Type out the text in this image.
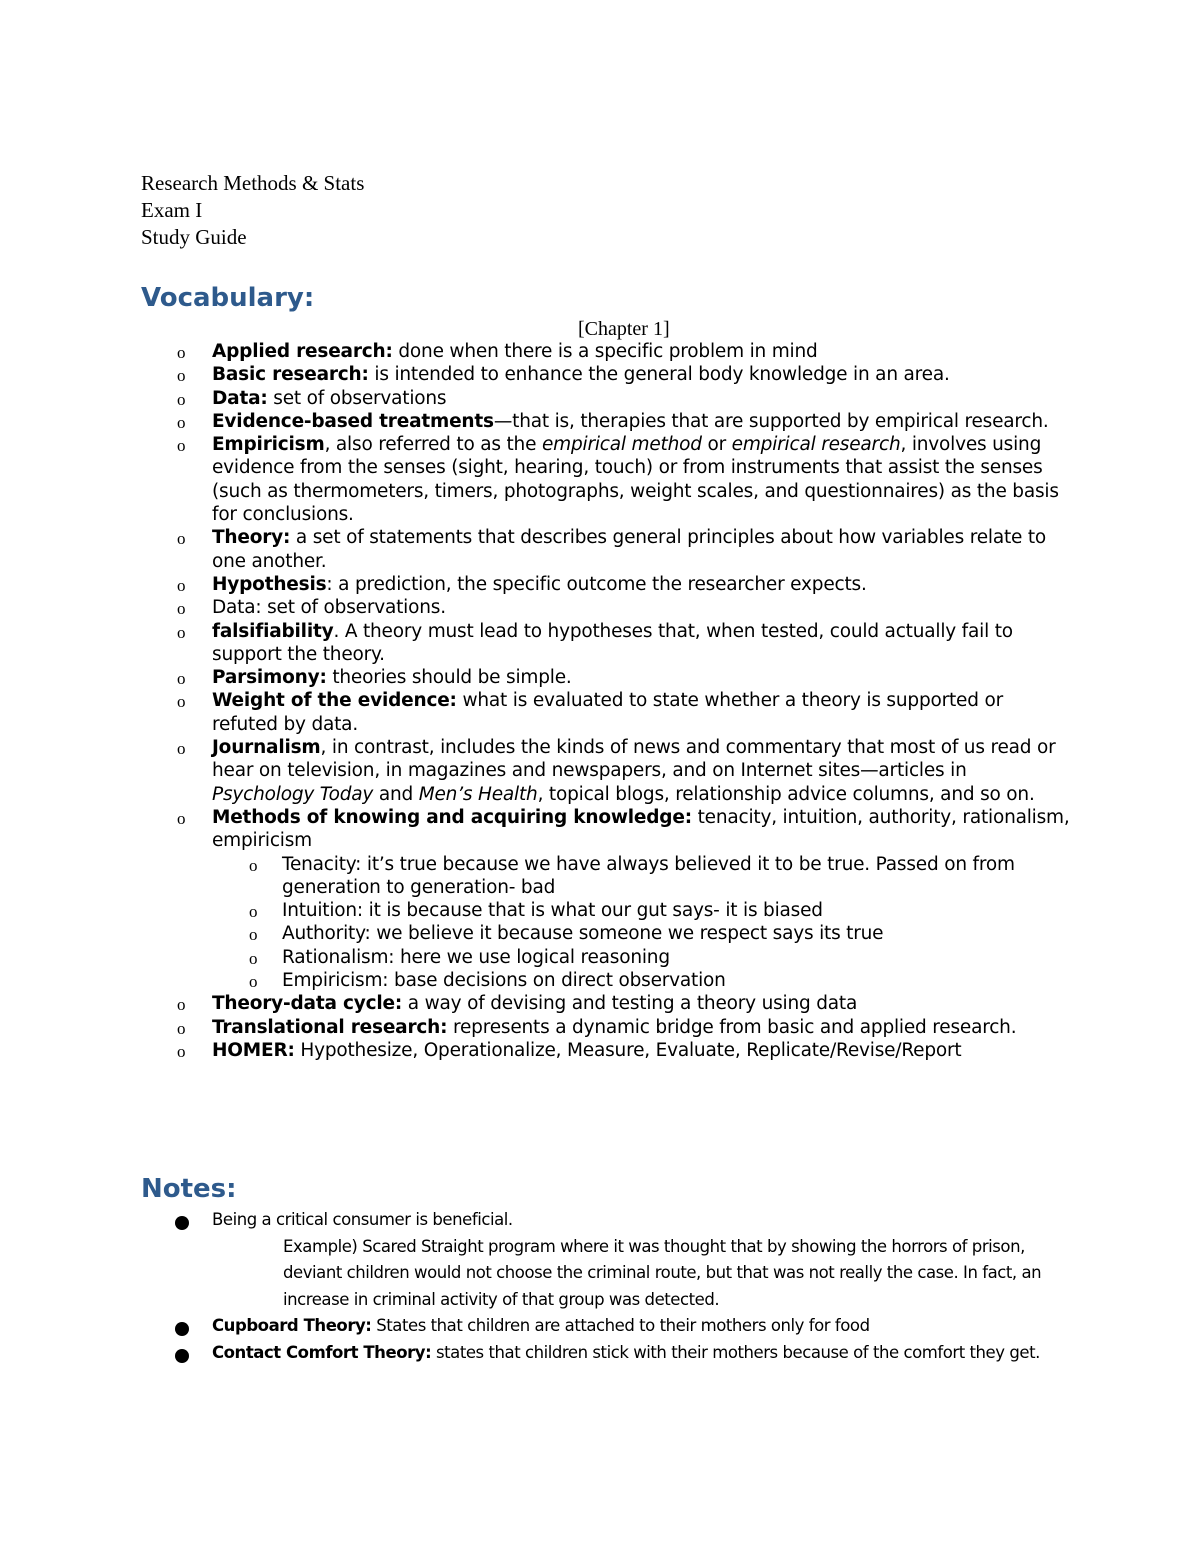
Research Methods & Stats
Exam I
Study Guide
Vocabulary:
[Chapter 1]
o Applied research: done when there is a specific problem in mind
o Basic research: is intended to enhance the general body knowledge in an area.
o Data: set of observations
o Evidence-based treatments—that is, therapies that are supported by empirical research.
o Empiricism, also referred to as the empirical method or empirical research, involves using evidence from the senses (sight, hearing, touch) or from instruments that assist the senses (such as thermometers, timers, photographs, weight scales, and questionnaires) as the basis for conclusions.
o Theory: a set of statements that describes general principles about how variables relate to one another.
o Hypothesis: a prediction, the specific outcome the researcher expects.
o Data: set of observations.
o falsifiability. A theory must lead to hypotheses that, when tested, could actually fail to support the theory.
o Parsimony: theories should be simple.
o Weight of the evidence: what is evaluated to state whether a theory is supported or refuted by data.
o Journalism, in contrast, includes the kinds of news and commentary that most of us read or hear on television, in magazines and newspapers, and on Internet sites—articles in Psychology Today and Men’s Health, topical blogs, relationship advice columns, and so on.
o Methods of knowing and acquiring knowledge: tenacity, intuition, authority, rationalism, empiricism
o Tenacity: it’s true because we have always believed it to be true. Passed on from generation to generation- bad
o Intuition: it is because that is what our gut says- it is biased
o Authority: we believe it because someone we respect says its true
o Rationalism: here we use logical reasoning
o Empiricism: base decisions on direct observation
o Theory-data cycle: a way of devising and testing a theory using data
o Translational research: represents a dynamic bridge from basic and applied research.
o HOMER: Hypothesize, Operationalize, Measure, Evaluate, Replicate/Revise/Report
Notes:
Being a critical consumer is beneficial.
Example) Scared Straight program where it was thought that by showing the horrors of prison, deviant children would not choose the criminal route, but that was not really the case. In fact, an increase in criminal activity of that group was detected.
Cupboard Theory: States that children are attached to their mothers only for food
Contact Comfort Theory: states that children stick with their mothers because of the comfort they get.
